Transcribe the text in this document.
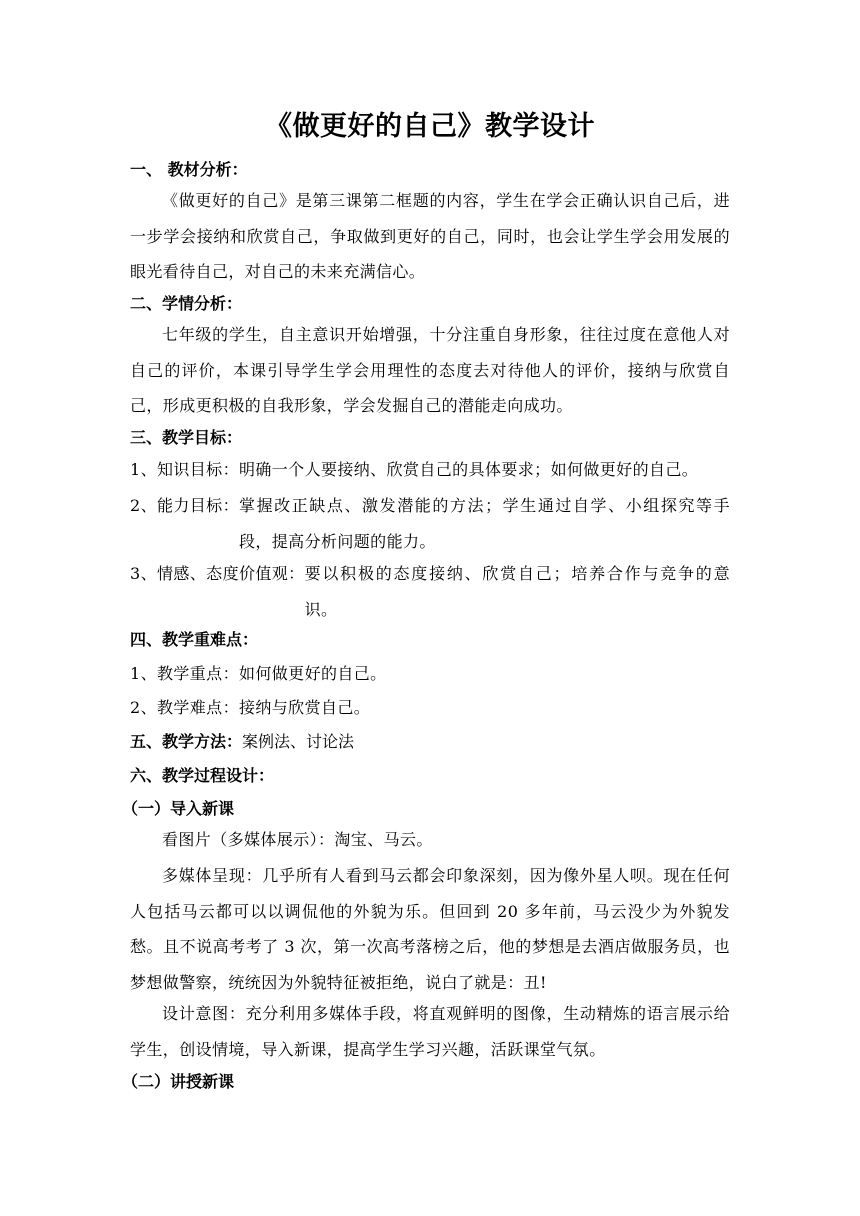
《做更好的自己》教学设计
一、 教材分析：
《做更好的自己》是第三课第二框题的内容，学生在学会正确认识自己后，进一步学会接纳和欣赏自己，争取做到更好的自己，同时，也会让学生学会用发展的眼光看待自己，对自己的未来充满信心。
二、学情分析：
七年级的学生，自主意识开始增强，十分注重自身形象，往往过度在意他人对自己的评价，本课引导学生学会用理性的态度去对待他人的评价，接纳与欣赏自己，形成更积极的自我形象，学会发掘自己的潜能走向成功。
三、教学目标：
1、知识目标： 明确一个人要接纳、欣赏自己的具体要求；如何做更好的自己。
2、能力目标： 掌握改正缺点、激发潜能的方法；学生通过自学、小组探究等手段，提高分析问题的能力。
3、情感、态度价值观： 要以积极的态度接纳、欣赏自己；培养合作与竞争的意识。
四、教学重难点：
1、教学重点：如何做更好的自己。
2、教学难点：接纳与欣赏自己。
五、教学方法：案例法、讨论法
六、教学过程设计：
（一）导入新课
看图片（多媒体展示）：淘宝、马云。
多媒体呈现：几乎所有人看到马云都会印象深刻，因为像外星人呗。现在任何人包括马云都可以以调侃他的外貌为乐。但回到 20 多年前，马云没少为外貌发愁。且不说高考考了 3 次，第一次高考落榜之后，他的梦想是去酒店做服务员，也梦想做警察，统统因为外貌特征被拒绝，说白了就是：丑!
设计意图：充分利用多媒体手段，将直观鲜明的图像，生动精炼的语言展示给学生，创设情境，导入新课，提高学生学习兴趣，活跃课堂气氛。
（二）讲授新课
